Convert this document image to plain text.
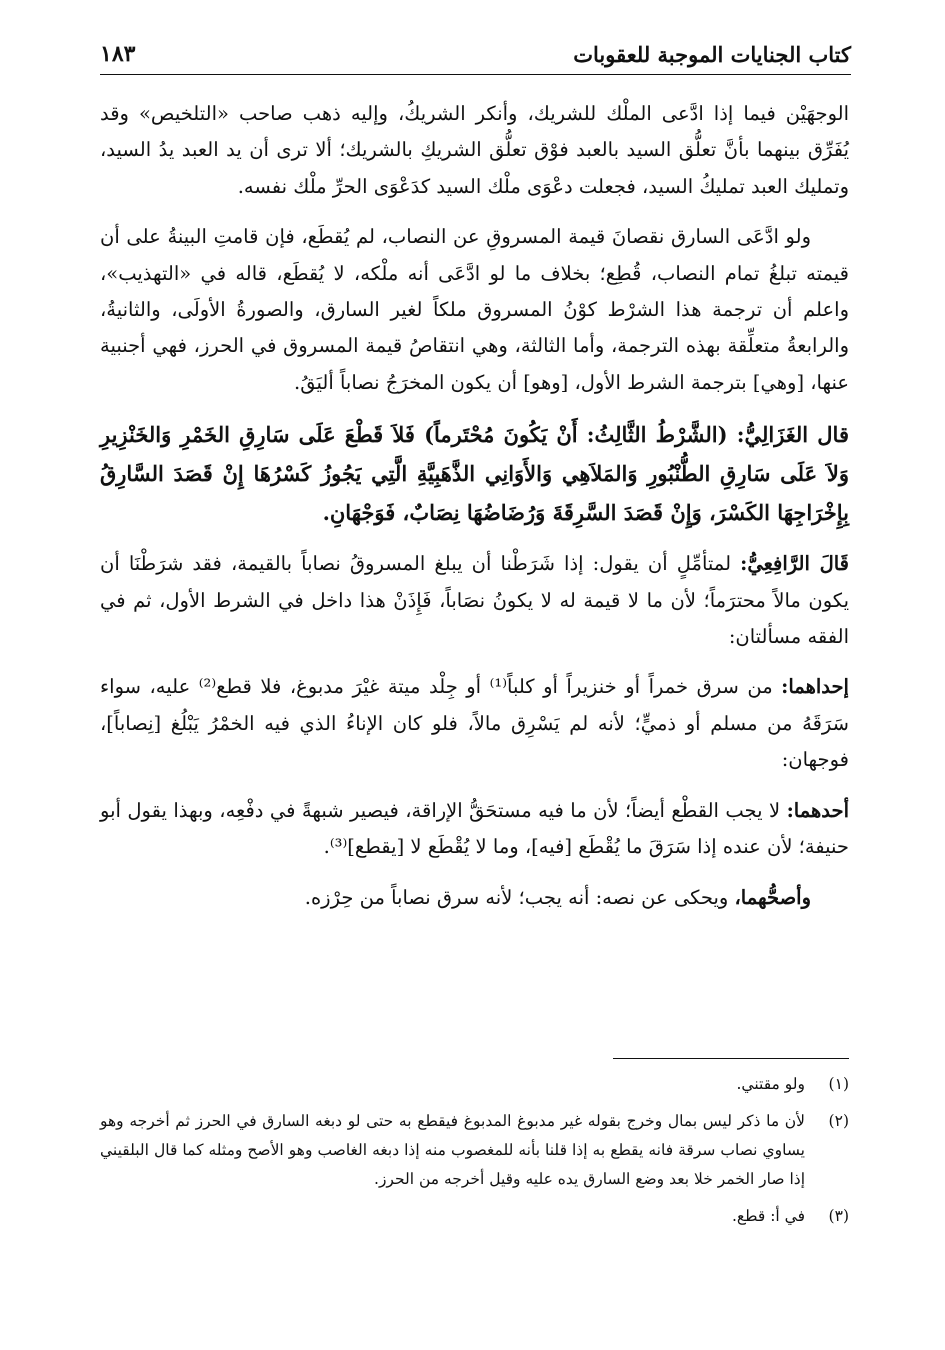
كتاب الجنايات الموجبة للعقوبات
١٨٣

الوجهَيْن فيما إذا ادَّعى الملْك للشريك، وأنكر الشريكُ، وإليه ذهب صاحب «التلخيص» وقد يُفَرِّق بينهما بأنَّ تعلُّق السيد بالعبد فوْق تعلُّق الشريكِ بالشريك؛ ألا ترى أن يد العبد يدُ السيد، وتمليك العبد تمليكُ السيد، فجعلت دعْوَى ملْك السيد كدَعْوَى الحرِّ ملْك نفسه.

ولو ادَّعَى السارق نقصانَ قيمة المسروقِ عن النصاب، لم يُقطَع، فإن قامتِ البينةُ على أن قيمته تبلغُ تمام النصاب، قُطِع؛ بخلاف ما لو ادَّعَى أنه ملْكه، لا يُقطَع، قاله في «التهذيب»، واعلم أن ترجمة هذا الشرْط كوْنُ المسروق ملكاً لغير السارق، والصورةُ الأولَى، والثانيةُ، والرابعةُ متعلِّقة بهذه الترجمة، وأما الثالثة، وهي انتقاصُ قيمة المسروق في الحرز، فهي أجنبية عنها، [وهي] بترجمة الشرط الأول، [وهو] أن يكون المخرَجُ نصاباً أليَقُ.

قال الغَزَالِيُّ: (الشَّرْطُ الثَّالِثُ: أَنْ يَكُونَ مُحْتَرماً) فَلاَ قَطْعَ عَلَى سَارِقِ الخَمْرِ وَالخَنْزِيرِ وَلاَ عَلَى سَارِقِ الطُّنْبُورِ وَالمَلاَهِي وَالأَوَانِي الذَّهَبِيَّةِ الَّتِي يَجُوزُ كَسْرُهَا إِنْ قَصَدَ السَّارِقُ بِإِخْرَاجِهَا الكَسْرَ، وَإِنْ قَصَدَ السَّرِقَةَ وَرُضَاضُهَا نِصَابٌ، فَوَجْهَانِ.

قَالَ الرَّافِعِيُّ: لمتأمِّلٍ أن يقول: إذا شَرَطْنا أن يبلغ المسروقُ نصاباً بالقيمة، فقد شرَطْنَا أن يكون مالاً محترَماً؛ لأن ما لا قيمة له لا يكونُ نصَاباً، فَإِذَنْ هذا داخل في الشرط الأول، ثم في الفقه مسألتان:

إحداهما: من سرق خمراً أو خنزيراً أو كلباً⁽¹⁾ أو جِلْد ميتة غيْرَ مدبوغ، فلا قطع⁽²⁾ عليه، سواء سَرَقَهُ من مسلم أو ذميٍّ؛ لأنه لم يَسْرِق مالاً، فلو كان الإناءُ الذي فيه الخمْرُ يَبْلُغ [نِصاباً]، فوجهان:

أحدهما: لا يجب القطْع أيضاً؛ لأن ما فيه مستحَقُّ الإراقة، فيصير شبهةً في دفْعِه، وبهذا يقول أبو حنيفة؛ لأن عنده إذا سَرَقَ ما يُقْطَع [فيه]، وما لا يُقْطَع لا [يقطع]⁽³⁾.

وأصحُّهما، ويحكى عن نصه: أنه يجب؛ لأنه سرق نصاباً من حِرْزه.

(١)
ولو مقتني.
(٢)
لأن ما ذكر ليس بمال وخرج بقوله غير مدبوغ المدبوغ فيقطع به حتى لو دبغه السارق في الحرز ثم أخرجه وهو يساوي نصاب سرقة فانه يقطع به إذا قلنا بأنه للمغصوب منه إذا دبغه الغاصب وهو الأصح ومثله كما قال البلقيني إذا صار الخمر خلا بعد وضع السارق يده عليه وقيل أخرجه من الحرز.
(٣)
في أ: قطع.
